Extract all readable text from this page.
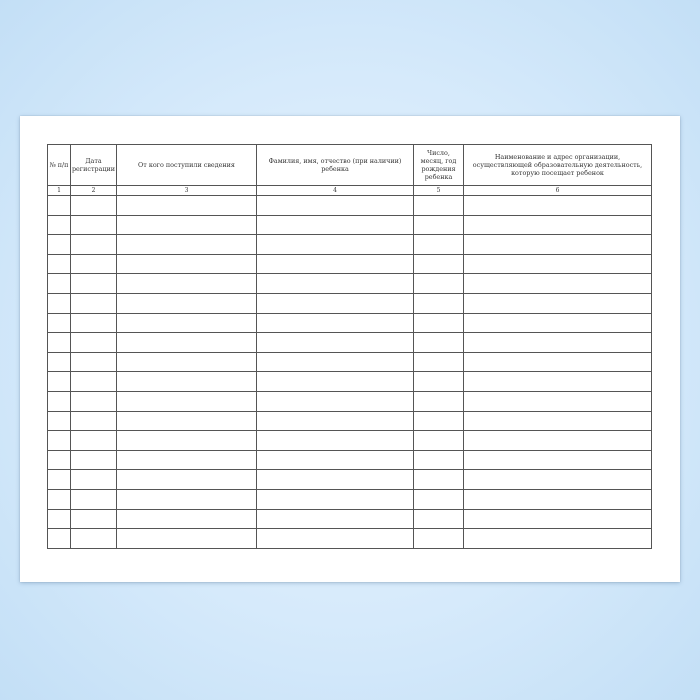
№ п/п	Дата регистрации	От кого поступили сведения	Фамилия, имя, отчество (при наличии) ребенка	Число, месяц, год рождения ребенка	Наименование и адрес организации, осуществляющей образовательную деятельность, которую посещает ребенок
1	2	3	4	5	6
